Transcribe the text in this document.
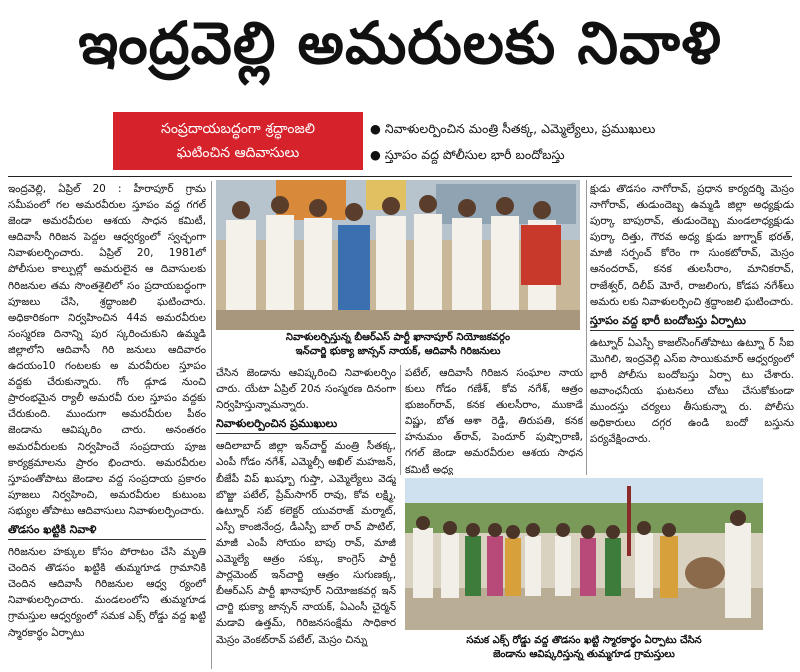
ఇంద్రవెల్లి అమరులకు నివాళి
సంప్రదాయబద్ధంగా శ్రద్ధాంజలి
ఘటించిన ఆదివాసులు
● నివాళులర్పించిన మంత్రి సీతక్క, ఎమ్మెల్యేలు, ప్రముఖులు
● స్తూపం వద్ద పోలీసుల భారీ బందోబస్తు
ఇంద్రవెల్లి, ఏప్రిల్ 20 : హీరాపూర్ గ్రామ సమీపంలో గల అమరవీరుల స్తూపం వద్ద గగల్ జెండా అమరవీరుల ఆశయ సాధన కమిటీ, ఆదివాసీ గిరిజన పెద్దల ఆధ్వర్యంలో స్వచ్ఛంగా నివాళులర్పించారు. ఏప్రిల్ 20, 1981లో పోలీసుల కాల్పుల్లో అమరులైన ఆ దివాసులకు గిరిజనుల తమ సొంతశైలిలో సం ప్రదాయబద్ధంగా పూజలు చేసి, శ్రద్ధాంజలి ఘటించారు. అధికారికంగా నిర్వహించిన 44వ అమరవీరుల సంస్మరణ దినాన్ని పుర స్కరించుకుని ఉమ్మడి జిల్లాలోని ఆదివాసీ గిరి జనులు ఆదివారం ఉదయం10 గంటలకు అ మరవీరుల స్తూపం వద్దకు చేరుకున్నారు. గోం డ్గూడ నుంచి ప్రారంభమైన ర్యాలీ అమరవీ రుల స్తూపం వద్దకు చేరుకుంది. ముందుగా అమరవీరుల పీఠం జెండాను ఆవిష్కరిం చారు. అనంతరం అమరవీరులకు నిర్వహించే సంప్రదాయ పూజ కార్యక్రమాలను ప్రారం భించారు. అమరవీరుల స్తూపంతోపాటు జెండాల వద్ద సంప్రదాయ ప్రకారం పూజలు నిర్వహించి, అమరవీరుల కుటుంబ సభ్యుల తోపాటు ఆదివాసులు నివాళులర్పించారు.
తొడసం ఖట్టికి నివాళి
గిరిజనుల హక్కుల కోసం పోరాటం చేసి మృతి చెందిన తొడసం ఖట్టికి తుమ్మగూడ గ్రామానికి చెందిన ఆదివాసీ గిరిజనుల ఆధ్వ ర్యంలో నివాళులర్పించారు. మండలంలోని తుమ్మగూడ గ్రామస్తుల ఆధ్వర్యంలో సమక ఎక్స్ రోడ్డు వద్ద ఖట్టి స్మారకార్థం ఏర్పాటు
నివాళులర్పిస్తున్న బీఆర్ఎస్ పార్టీ ఖానాపూర్ నియోజకవర్గం
ఇన్‌చార్జి భుక్యా జాన్సన్ నాయక్, ఆదివాసీ గిరిజనులు
చేసిన జెండాను ఆవిష్కరించి నివాళులర్పిం చారు. యేటా ఏప్రిల్ 20న సంస్మరణ దినంగా నిర్వహిస్తున్నామన్నారు.
నివాళులర్పించిన ప్రముఖులు
ఆదిలాబాద్ జిల్లా ఇన్‌చార్జ్ మంత్రి సీతక్క, ఎంపీ గోడం నగేశ్, ఎమ్మెల్సీ అఖిల్ మహజన్, బీజేపీ విప్ ఖుష్బూ గుప్తా, ఎమ్మెల్యేలు వెడ్మ బొజ్జు పటేల్, ప్రేమ్‌సాగర్ రావు, కోవ లక్ష్మి, ఉట్నూర్ సబ్ కలెక్టర్ యువరాజ్ మర్మాట్, ఎస్పీ కాంజినేంద్ర, డీఎస్పీ బాల్ రావ్ పాటిల్, మాజీ ఎంపీ సోయం బాపు రావ్, మాజీ ఎమ్మెల్యే ఆత్రం సక్కు, కాంగ్రెస్ పార్టీ పార్లమెంట్ ఇన్‌చార్జి ఆత్రం సుగుణక్క, బీఆర్ఎస్ పార్టీ ఖానాపూర్ నియోజకవర్గ ఇన్ చార్జి భుక్యా జాన్సన్ నాయక్, ఏఎంసీ చైర్మన్ మడావి ఉత్తమ్, గిరిజనసంక్షేమ సాధికార మెస్రం వెంకట్‌రావ్ పటేల్, మెస్రం చిన్ను
పటేల్, ఆదివాసీ గిరిజన సంఘాల నాయ కులు గోడం గణేశ్, కోవ నగేశ్, ఆత్రం భుజంగ్‌రావ్, కనక తులసీరాం, ముకాడే విష్ణు, బోత ఆశా రెడ్డి, తిరుపతి, కనక హనుమం త్‌రావ్, పెందూర్ పుష్పారాణి, గగల్ జెండా అమరవీరుల ఆశయ సాధన కమిటీ అధ్య
క్షుడు తొడసం నాగోరావ్, ప్రధాన కార్యదర్శి మెస్రం నాగోరావ్, తుడుందెబ్బ ఉమ్మడి జిల్లా అధ్యక్షుడు పుర్కా బాపురావ్, తుడుందెబ్బ మండలాధ్యక్షుడు పుర్కా దిత్తు, గౌరవ అధ్య క్షుడు జుగ్నాక్ భరత్, మాజీ సర్పంచ్ కోరెం గా సుంకటోరావ్, మెస్రం ఆనందరావ్, కనక తులసీరాం, మానికరావ్, రాజేశ్వర్, దిలీప్ మోరే, రాజలింగు, కోడప నగేశ్‌లు అమరు లకు నివాళులర్పించి శ్రద్ధాంజలి ఘటించారు.
స్తూపం వద్ద భారీ బందోబస్తు ఏర్పాటు
ఉట్నూర్ ఏఎస్పీ కాజల్‌సింగ్‌తోపాటు ఉట్నూ ర్ సీఐ మొగిలి, ఇంద్రవెల్లి ఎస్ఐ సాయికుమార్ ఆధ్వర్యంలో భారీ పోలీసు బందోబస్తు ఏర్పా టు చేశారు. అవాంఛనీయ ఘటనలు చోటు చేసుకోకుండా ముందస్తు చర్యలు తీసుకున్నా రు. పోలీసు అధికారులు దగ్గర ఉండి బందో బస్తును పర్యవేక్షించారు.
సమక ఎక్స్ రోడ్డు వద్ద తొడసం ఖట్టి స్మారకార్థం ఏర్పాటు చేసిన
జెండాను ఆవిష్కరిస్తున్న తుమ్మగూడ గ్రామస్తులు
